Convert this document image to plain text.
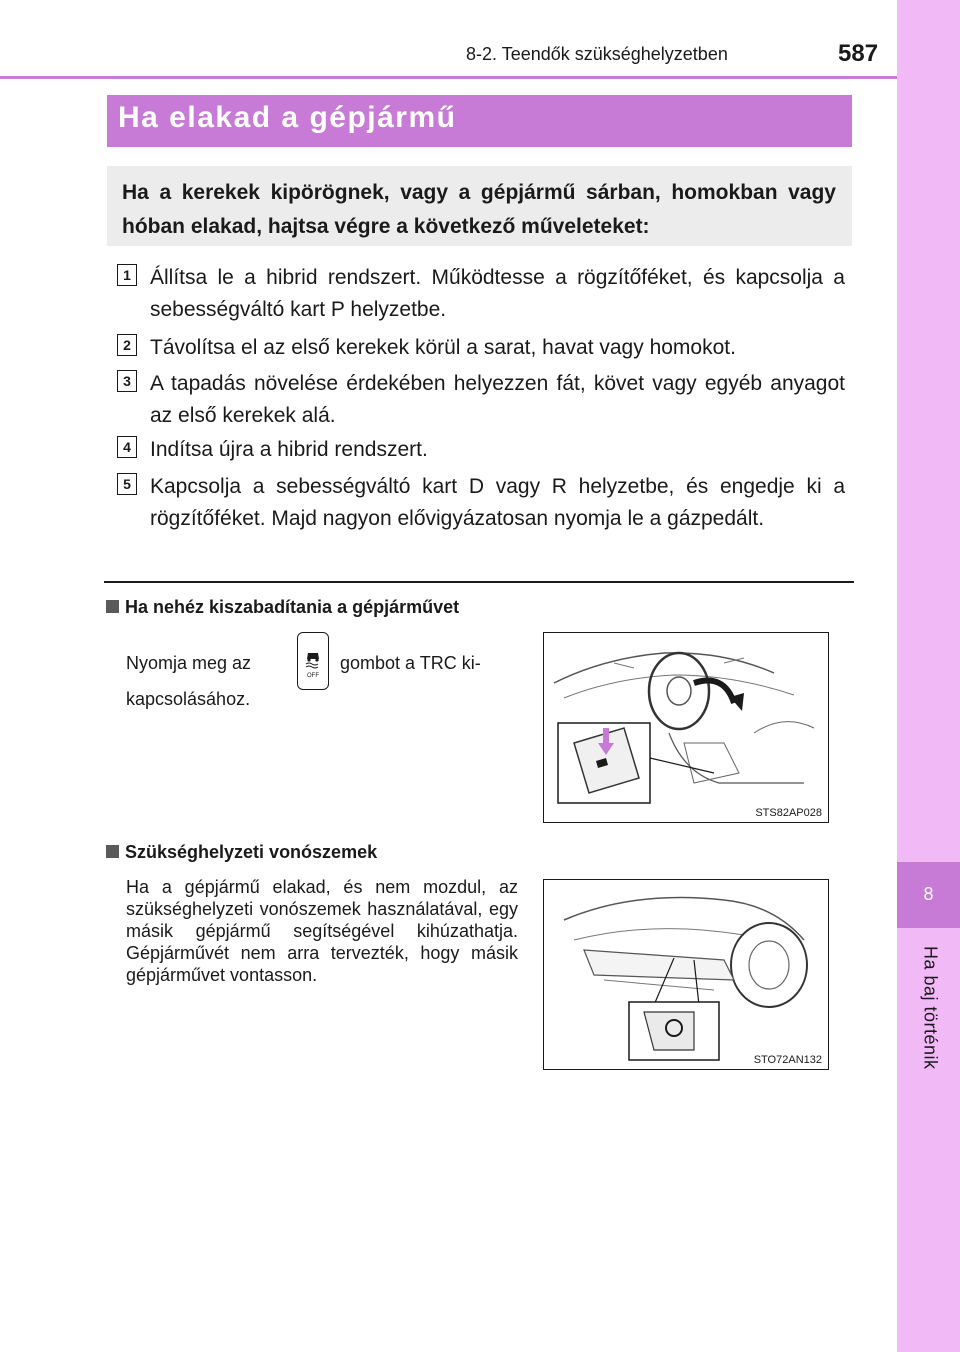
8-2. Teendők szükséghelyzetben	587
8
Ha baj történik
Ha elakad a gépjármű
Ha a kerekek kipörögnek, vagy a gépjármű sárban, homokban vagy hóban elakad, hajtsa végre a következő műveleteket:
1 Állítsa le a hibrid rendszert. Működtesse a rögzítőféket, és kapcsolja a sebességváltó kart P helyzetbe.
2 Távolítsa el az első kerekek körül a sarat, havat vagy homokot.
3 A tapadás növelése érdekében helyezzen fát, követ vagy egyéb anyagot az első kerekek alá.
4 Indítsa újra a hibrid rendszert.
5 Kapcsolja a sebességváltó kart D vagy R helyzetbe, és engedje ki a rögzítőféket. Majd nagyon elővigyázatosan nyomja le a gázpedált.
Ha nehéz kiszabadítania a gépjárművet
Nyomja meg az
OFF
gombot a TRC ki-
kapcsolásához.
STS82AP028
Szükséghelyzeti vonószemek
Ha a gépjármű elakad, és nem mozdul, az szükséghelyzeti vonószemek használatával, egy másik gépjármű segítségével kihúzathatja. Gépjárművét nem arra tervezték, hogy másik gépjárművet vontasson.
STO72AN132
